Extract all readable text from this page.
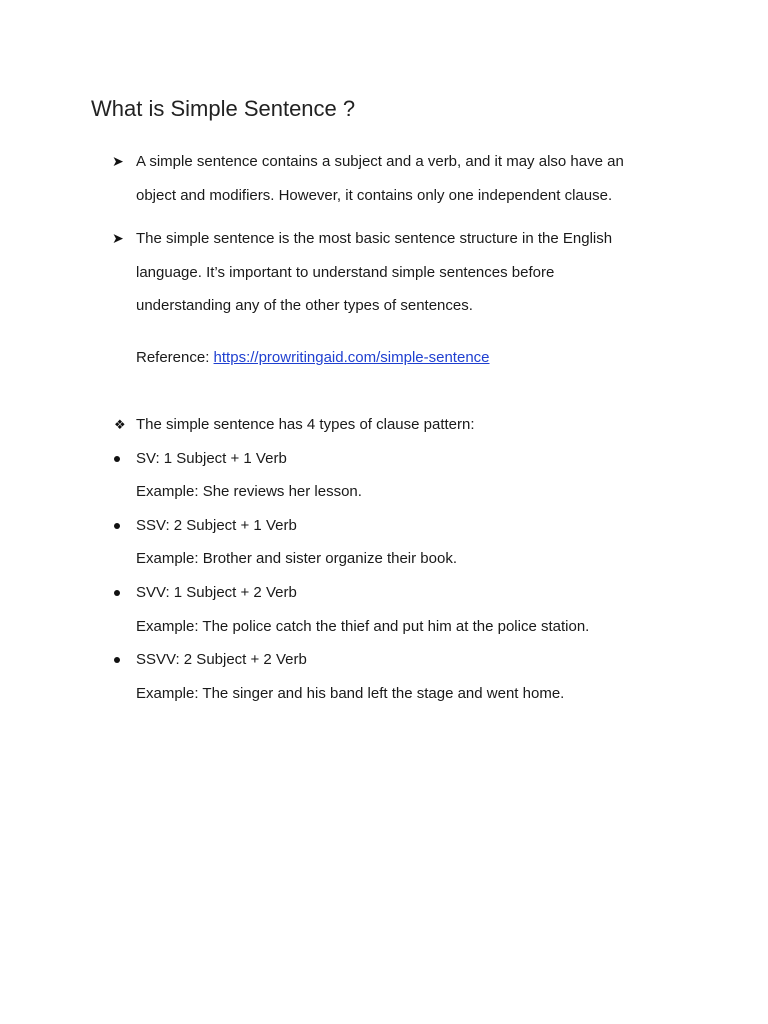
What is Simple Sentence ?
➤ A simple sentence contains a subject and a verb, and it may also have an
object and modifiers. However, it contains only one independent clause.
➤ The simple sentence is the most basic sentence structure in the English
language. It’s important to understand simple sentences before
understanding any of the other types of sentences.
Reference: https://prowritingaid.com/simple-sentence
❖ The simple sentence has 4 types of clause pattern:
SV: 1 Subject + 1 Verb
Example: She reviews her lesson.
SSV: 2 Subject + 1 Verb
Example: Brother and sister organize their book.
SVV: 1 Subject + 2 Verb
Example: The police catch the thief and put him at the police station.
SSVV: 2 Subject + 2 Verb
Example: The singer and his band left the stage and went home.
